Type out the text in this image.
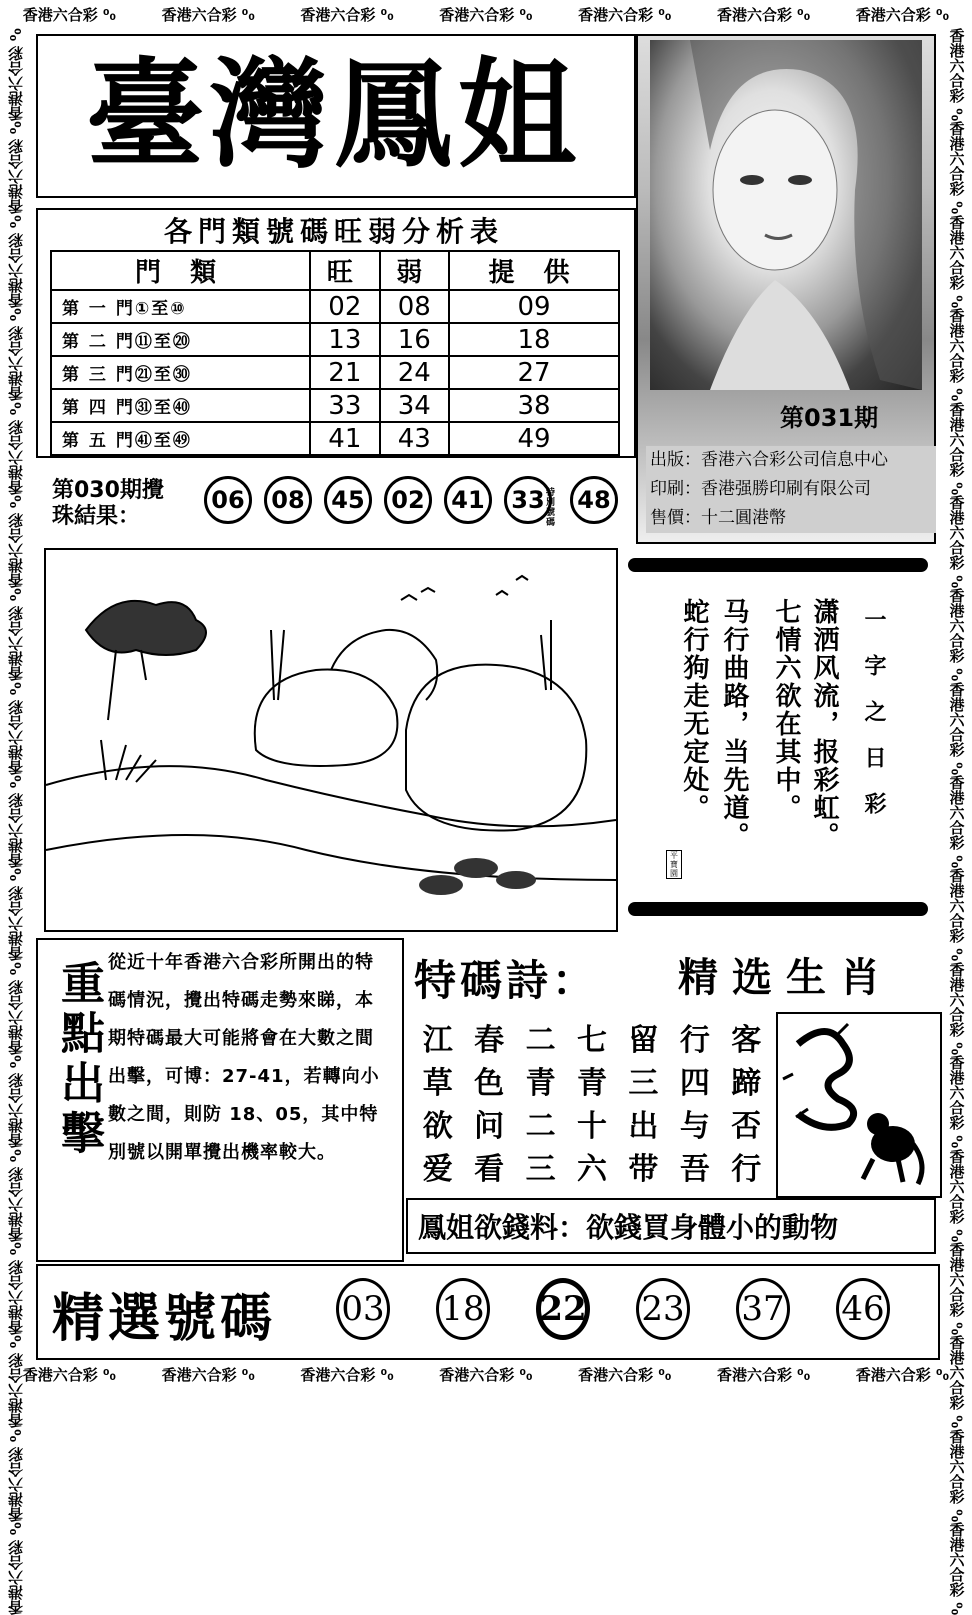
香港六合彩 ⁰₀	香港六合彩 ⁰₀	香港六合彩 ⁰₀	香港六合彩 ⁰₀	香港六合彩 ⁰₀	香港六合彩 ⁰₀	香港六合彩 ⁰₀
香港六合彩 ⁰₀	香港六合彩 ⁰₀	香港六合彩 ⁰₀	香港六合彩 ⁰₀	香港六合彩 ⁰₀	香港六合彩 ⁰₀	香港六合彩 ⁰₀
香港六合彩 ⁰₀
香港六合彩 ⁰₀
香港六合彩 ⁰₀
香港六合彩 ⁰₀
香港六合彩 ⁰₀
香港六合彩 ⁰₀
香港六合彩 ⁰₀
香港六合彩 ⁰₀
香港六合彩 ⁰₀
香港六合彩 ⁰₀
香港六合彩 ⁰₀
香港六合彩 ⁰₀
香港六合彩 ⁰₀
香港六合彩 ⁰₀
香港六合彩 ⁰₀
香港六合彩 ⁰₀
香港六合彩 ⁰₀
香港六合彩 ⁰₀
香港六合彩 ⁰₀
香港六合彩 ⁰₀
香港六合彩 ⁰₀
香港六合彩 ⁰₀
香港六合彩 ⁰₀
香港六合彩 ⁰₀
香港六合彩 ⁰₀
香港六合彩 ⁰₀
香港六合彩 ⁰₀
香港六合彩 ⁰₀
香港六合彩 ⁰₀
香港六合彩 ⁰₀
香港六合彩 ⁰₀
香港六合彩 ⁰₀
香港六合彩 ⁰₀
香港六合彩 ⁰₀
臺灣鳳姐
各門類號碼旺弱分析表
門 類	旺	弱	提 供
第 一 門①至⑩	02	08	09
第 二 門⑪至⑳	13	16	18
第 三 門㉑至㉚	21	24	27
第 四 門㉛至㊵	33	34	38
第 五 門㊶至㊾	41	43	49
第031期
出版：香港六合彩公司信息中心
印刷：香港强勝印刷有限公司
售價：十二圓港幣
第030期攪
珠結果：
06	08	45	02	41	33	48
特別號碼
一字之日彩
潇洒风流，报彩虹。
七情六欲在其中。
马行曲路，当先道。
蛇行狗走无定处。
平寶園
重點出擊 從近十年香港六合彩所開出的特碼情況，攪出特碼走勢來睇，本期特碼最大可能將會在大數之間出擊，可博：27-41，若轉向小數之間，則防 18、05，其中特別號以開單攪出機率較大。
特碼詩： 精选生肖
江 春 二 七 留 行 客
草 色 青 青 三 四 蹄
欲 问 二 十 出 与 否
爱 看 三 六 带 吾 行
鳳姐欲錢料：欲錢買身體小的動物
精選號碼 03 18 22 23 37 46
